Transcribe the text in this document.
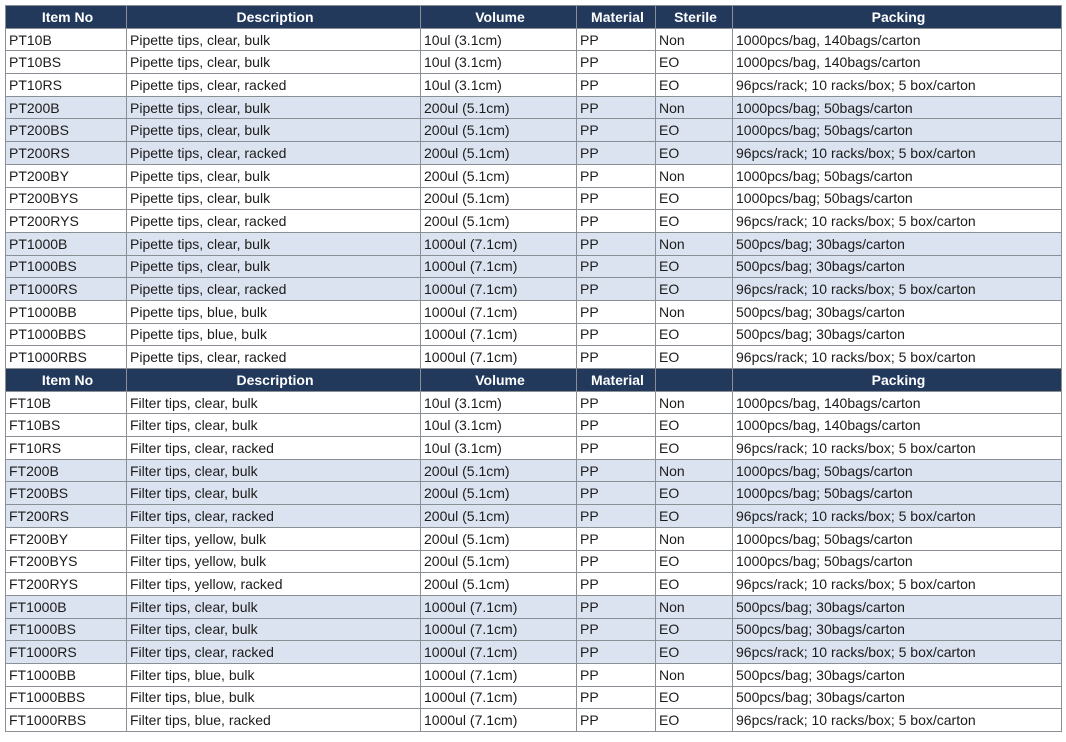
Item No	Description	Volume	Material	Sterile	Packing
PT10B	Pipette tips, clear, bulk	10ul (3.1cm)	PP	Non	1000pcs/bag, 140bags/carton
PT10BS	Pipette tips, clear, bulk	10ul (3.1cm)	PP	EO	1000pcs/bag, 140bags/carton
PT10RS	Pipette tips, clear, racked	10ul (3.1cm)	PP	EO	96pcs/rack; 10 racks/box; 5 box/carton
PT200B	Pipette tips, clear, bulk	200ul (5.1cm)	PP	Non	1000pcs/bag; 50bags/carton
PT200BS	Pipette tips, clear, bulk	200ul (5.1cm)	PP	EO	1000pcs/bag; 50bags/carton
PT200RS	Pipette tips, clear, racked	200ul (5.1cm)	PP	EO	96pcs/rack; 10 racks/box; 5 box/carton
PT200BY	Pipette tips, clear, bulk	200ul (5.1cm)	PP	Non	1000pcs/bag; 50bags/carton
PT200BYS	Pipette tips, clear, bulk	200ul (5.1cm)	PP	EO	1000pcs/bag; 50bags/carton
PT200RYS	Pipette tips, clear, racked	200ul (5.1cm)	PP	EO	96pcs/rack; 10 racks/box; 5 box/carton
PT1000B	Pipette tips, clear, bulk	1000ul (7.1cm)	PP	Non	500pcs/bag; 30bags/carton
PT1000BS	Pipette tips, clear, bulk	1000ul (7.1cm)	PP	EO	500pcs/bag; 30bags/carton
PT1000RS	Pipette tips, clear, racked	1000ul (7.1cm)	PP	EO	96pcs/rack; 10 racks/box; 5 box/carton
PT1000BB	Pipette tips, blue, bulk	1000ul (7.1cm)	PP	Non	500pcs/bag; 30bags/carton
PT1000BBS	Pipette tips, blue, bulk	1000ul (7.1cm)	PP	EO	500pcs/bag; 30bags/carton
PT1000RBS	Pipette tips, clear, racked	1000ul (7.1cm)	PP	EO	96pcs/rack; 10 racks/box; 5 box/carton
Item No	Description	Volume	Material		Packing
FT10B	Filter tips, clear, bulk	10ul (3.1cm)	PP	Non	1000pcs/bag, 140bags/carton
FT10BS	Filter tips, clear, bulk	10ul (3.1cm)	PP	EO	1000pcs/bag, 140bags/carton
FT10RS	Filter tips, clear, racked	10ul (3.1cm)	PP	EO	96pcs/rack; 10 racks/box; 5 box/carton
FT200B	Filter tips, clear, bulk	200ul (5.1cm)	PP	Non	1000pcs/bag; 50bags/carton
FT200BS	Filter tips, clear, bulk	200ul (5.1cm)	PP	EO	1000pcs/bag; 50bags/carton
FT200RS	Filter tips, clear, racked	200ul (5.1cm)	PP	EO	96pcs/rack; 10 racks/box; 5 box/carton
FT200BY	Filter tips, yellow, bulk	200ul (5.1cm)	PP	Non	1000pcs/bag; 50bags/carton
FT200BYS	Filter tips, yellow, bulk	200ul (5.1cm)	PP	EO	1000pcs/bag; 50bags/carton
FT200RYS	Filter tips, yellow, racked	200ul (5.1cm)	PP	EO	96pcs/rack; 10 racks/box; 5 box/carton
FT1000B	Filter tips, clear, bulk	1000ul (7.1cm)	PP	Non	500pcs/bag; 30bags/carton
FT1000BS	Filter tips, clear, bulk	1000ul (7.1cm)	PP	EO	500pcs/bag; 30bags/carton
FT1000RS	Filter tips, clear, racked	1000ul (7.1cm)	PP	EO	96pcs/rack; 10 racks/box; 5 box/carton
FT1000BB	Filter tips, blue, bulk	1000ul (7.1cm)	PP	Non	500pcs/bag; 30bags/carton
FT1000BBS	Filter tips, blue, bulk	1000ul (7.1cm)	PP	EO	500pcs/bag; 30bags/carton
FT1000RBS	Filter tips, blue, racked	1000ul (7.1cm)	PP	EO	96pcs/rack; 10 racks/box; 5 box/carton
